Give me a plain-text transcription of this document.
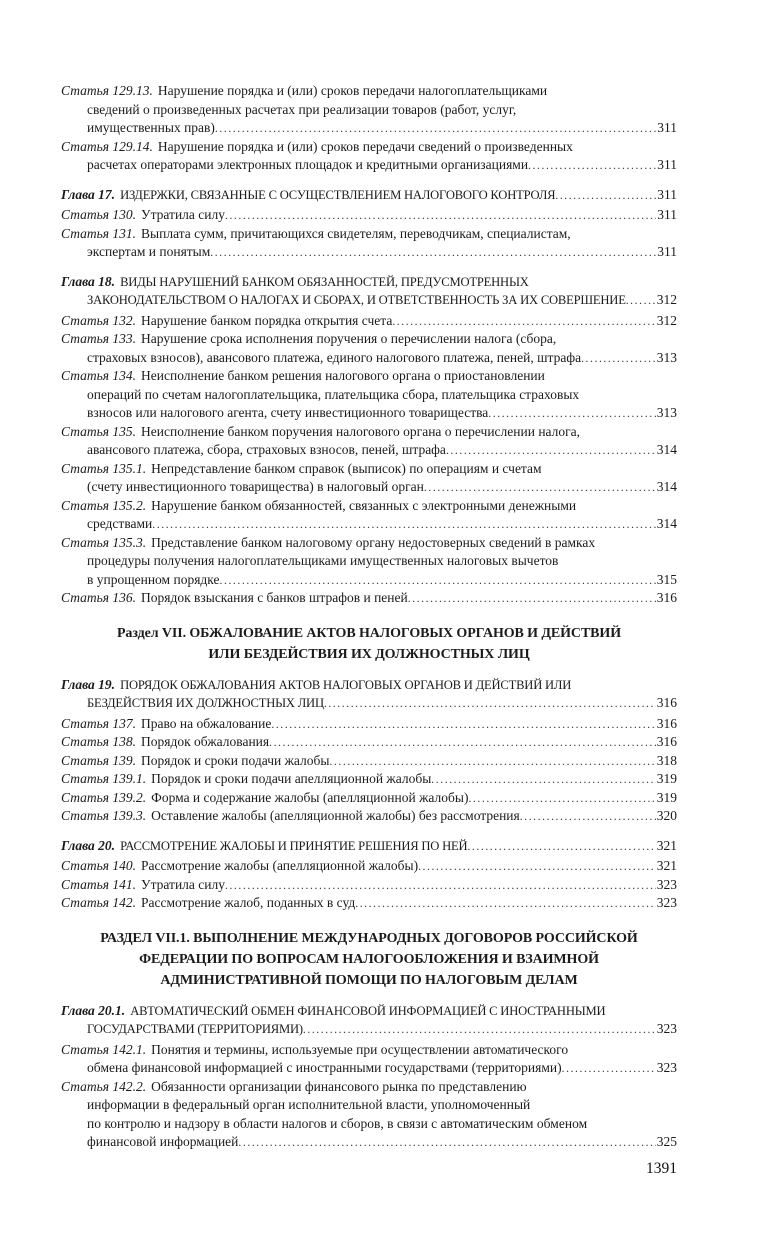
Статья 129.13. Нарушение порядка и (или) сроков передачи налогоплательщиками
сведений о произведенных расчетах при реализации товаров (работ, услуг,
имущественных прав) .....	311
Статья 129.14. Нарушение порядка и (или) сроков передачи сведений о произведенных
расчетах операторами электронных площадок и кредитными организациями .....	311
Глава 17. ИЗДЕРЖКИ, СВЯЗАННЫЕ С ОСУЩЕСТВЛЕНИЕМ НАЛОГОВОГО КОНТРОЛЯ .....	311
Статья 130. Утратила силу .....	311
Статья 131. Выплата сумм, причитающихся свидетелям, переводчикам, специалистам,
экспертам и понятым .....	311
Глава 18. ВИДЫ НАРУШЕНИЙ БАНКОМ ОБЯЗАННОСТЕЙ, ПРЕДУСМОТРЕННЫХ
ЗАКОНОДАТЕЛЬСТВОМ О НАЛОГАХ И СБОРАХ, И ОТВЕТСТВЕННОСТЬ ЗА ИХ СОВЕРШЕНИЕ ..... 312
Статья 132. Нарушение банком порядка открытия счета .....	312
Статья 133. Нарушение срока исполнения поручения о перечислении налога (сбора,
страховых взносов), авансового платежа, единого налогового платежа, пеней, штрафа .....	313
Статья 134. Неисполнение банком решения налогового органа о приостановлении
операций по счетам налогоплательщика, плательщика сбора, плательщика страховых
взносов или налогового агента, счету инвестиционного товарищества .....	313
Статья 135. Неисполнение банком поручения налогового органа о перечислении налога,
авансового платежа, сбора, страховых взносов, пеней, штрафа .....	314
Статья 135.1. Непредставление банком справок (выписок) по операциям и счетам
(счету инвестиционного товарищества) в налоговый орган .....	314
Статья 135.2. Нарушение банком обязанностей, связанных с электронными денежными
средствами .....	314
Статья 135.3. Представление банком налоговому органу недостоверных сведений в рамках
процедуры получения налогоплательщиками имущественных налоговых вычетов
в упрощенном порядке .....	315
Статья 136. Порядок взыскания с банков штрафов и пеней .....	316
Раздел VII. ОБЖАЛОВАНИЕ АКТОВ НАЛОГОВЫХ ОРГАНОВ И ДЕЙСТВИЙ
ИЛИ БЕЗДЕЙСТВИЯ ИХ ДОЛЖНОСТНЫХ ЛИЦ
Глава 19. ПОРЯДОК ОБЖАЛОВАНИЯ АКТОВ НАЛОГОВЫХ ОРГАНОВ И ДЕЙСТВИЙ ИЛИ
БЕЗДЕЙСТВИЯ ИХ ДОЛЖНОСТНЫХ ЛИЦ .....	316
Статья 137. Право на обжалование .....	316
Статья 138. Порядок обжалования .....	316
Статья 139. Порядок и сроки подачи жалобы .....	318
Статья 139.1. Порядок и сроки подачи апелляционной жалобы .....	319
Статья 139.2. Форма и содержание жалобы (апелляционной жалобы) .....	319
Статья 139.3. Оставление жалобы (апелляционной жалобы) без рассмотрения .....	320
Глава 20. РАССМОТРЕНИЕ ЖАЛОБЫ И ПРИНЯТИЕ РЕШЕНИЯ ПО НЕЙ .....	321
Статья 140. Рассмотрение жалобы (апелляционной жалобы) .....	321
Статья 141. Утратила силу .....	323
Статья 142. Рассмотрение жалоб, поданных в суд .....	323
РАЗДЕЛ VII.1. ВЫПОЛНЕНИЕ МЕЖДУНАРОДНЫХ ДОГОВОРОВ РОССИЙСКОЙ
ФЕДЕРАЦИИ ПО ВОПРОСАМ НАЛОГООБЛОЖЕНИЯ И ВЗАИМНОЙ
АДМИНИСТРАТИВНОЙ ПОМОЩИ ПО НАЛОГОВЫМ ДЕЛАМ
Глава 20.1. АВТОМАТИЧЕСКИЙ ОБМЕН ФИНАНСОВОЙ ИНФОРМАЦИЕЙ С ИНОСТРАННЫМИ
ГОСУДАРСТВАМИ (ТЕРРИТОРИЯМИ) .....	323
Статья 142.1. Понятия и термины, используемые при осуществлении автоматического
обмена финансовой информацией с иностранными государствами (территориями) .....	323
Статья 142.2. Обязанности организации финансового рынка по представлению
информации в федеральный орган исполнительной власти, уполномоченный
по контролю и надзору в области налогов и сборов, в связи с автоматическим обменом
финансовой информацией .....	325
1391
